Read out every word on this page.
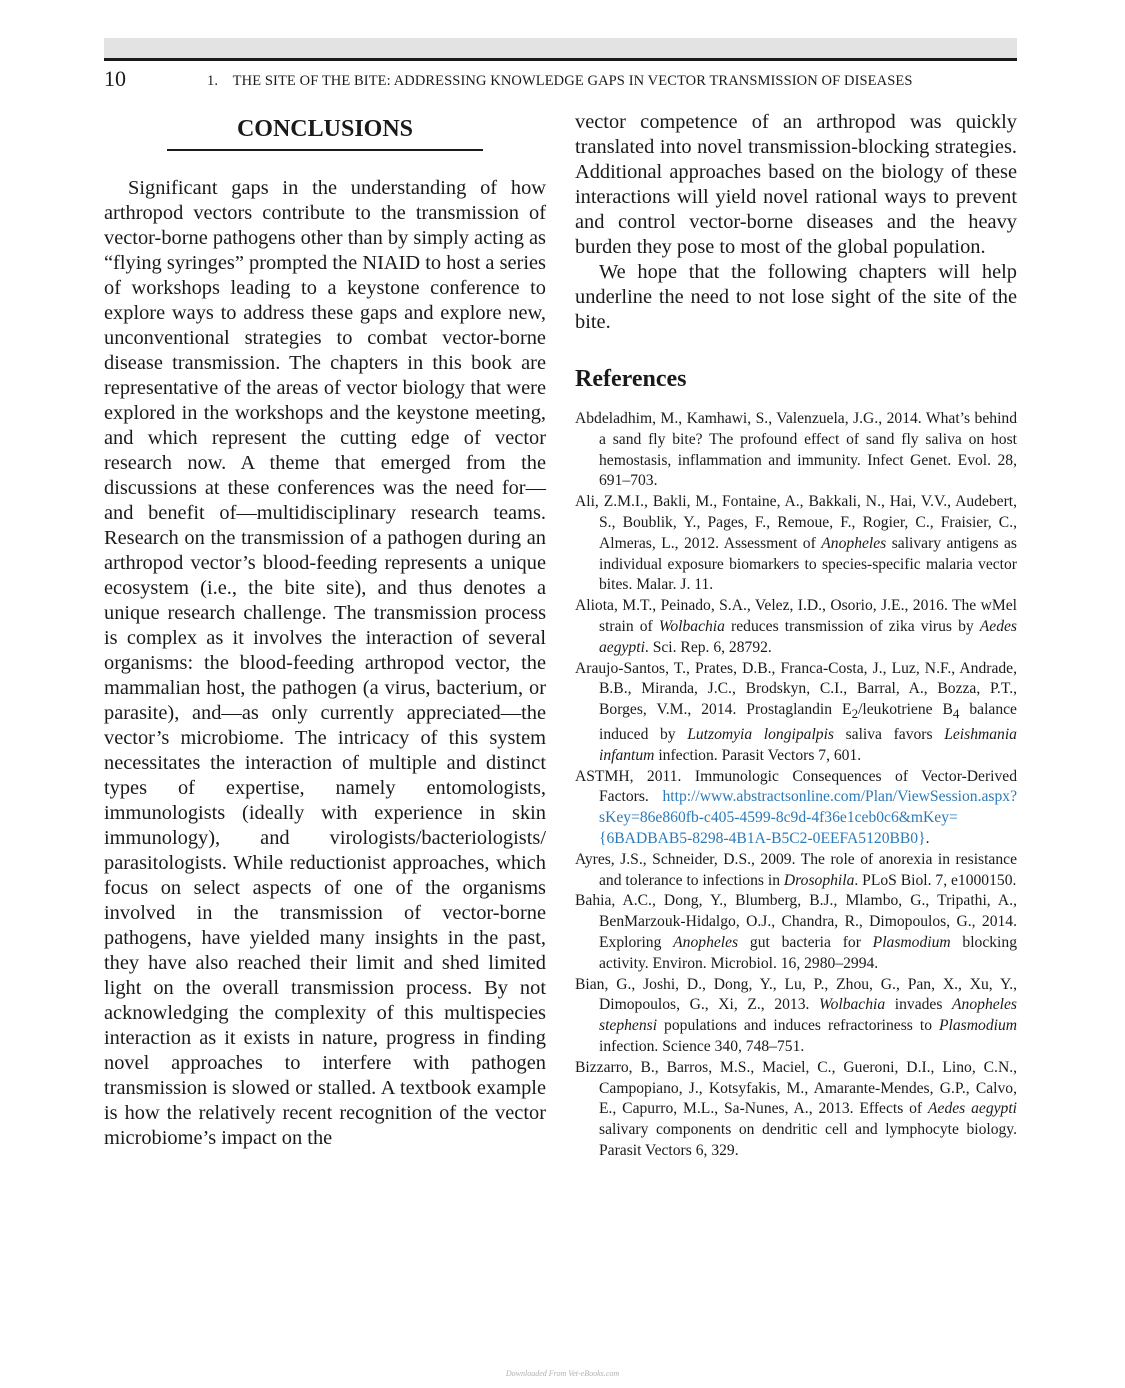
10	1. THE SITE OF THE BITE: ADDRESSING KNOWLEDGE GAPS IN VECTOR TRANSMISSION OF DISEASES
CONCLUSIONS

Significant gaps in the understanding of how arthropod vectors contribute to the transmission of vector-borne pathogens other than by simply acting as “flying syringes” prompted the NIAID to host a series of workshops leading to a keystone conference to explore ways to address these gaps and explore new, unconventional strategies to combat vector-borne disease transmission. The chapters in this book are representative of the areas of vector biology that were explored in the workshops and the keystone meeting, and which represent the cutting edge of vector research now. A theme that emerged from the discussions at these conferences was the need for—and benefit of—multidisciplinary research teams. Research on the transmission of a pathogen during an arthropod vector’s blood-feeding represents a unique ecosystem (i.e., the bite site), and thus denotes a unique research challenge. The transmission process is complex as it involves the interaction of several organisms: the blood-feeding arthropod vector, the mammalian host, the pathogen (a virus, bacterium, or parasite), and—as only currently appreciated—the vector’s microbiome. The intricacy of this system necessitates the interaction of multiple and distinct types of expertise, namely entomologists, immunologists (ideally with experience in skin immunology), and virologists/bacteriologists/ parasitologists. While reductionist approaches, which focus on select aspects of one of the organisms involved in the transmission of vector-borne pathogens, have yielded many insights in the past, they have also reached their limit and shed limited light on the overall transmission process. By not acknowledging the complexity of this multispecies interaction as it exists in nature, progress in finding novel approaches to interfere with pathogen transmission is slowed or stalled. A textbook example is how the relatively recent recognition of the vector microbiome’s impact on the

vector competence of an arthropod was quickly translated into novel transmission-blocking strategies. Additional approaches based on the biology of these interactions will yield novel rational ways to prevent and control vector-borne diseases and the heavy burden they pose to most of the global population.

We hope that the following chapters will help underline the need to not lose sight of the site of the bite.

References
Abdeladhim, M., Kamhawi, S., Valenzuela, J.G., 2014. What’s behind a sand fly bite? The profound effect of sand fly saliva on host hemostasis, inflammation and immunity. Infect Genet. Evol. 28, 691–703.
Ali, Z.M.I., Bakli, M., Fontaine, A., Bakkali, N., Hai, V.V., Audebert, S., Boublik, Y., Pages, F., Remoue, F., Rogier, C., Fraisier, C., Almeras, L., 2012. Assessment of Anopheles salivary antigens as individual exposure biomarkers to species-specific malaria vector bites. Malar. J. 11.
Aliota, M.T., Peinado, S.A., Velez, I.D., Osorio, J.E., 2016. The wMel strain of Wolbachia reduces transmission of zika virus by Aedes aegypti. Sci. Rep. 6, 28792.
Araujo-Santos, T., Prates, D.B., Franca-Costa, J., Luz, N.F., Andrade, B.B., Miranda, J.C., Brodskyn, C.I., Barral, A., Bozza, P.T., Borges, V.M., 2014. Prostaglandin $E_2$/leukotriene $B_4$ balance induced by Lutzomyia longipalpis saliva favors Leishmania infantum infection. Parasit Vectors 7, 601.
ASTMH, 2011. Immunologic Consequences of Vector-Derived Factors. http://www.abstractsonline.com/Plan/ViewSession.aspx?sKey=86e860fb-c405-4599-8c9d-4f36e1ceb0c6&mKey={6BADBAB5-8298-4B1A-B5C2-0EEFA5120BB0}.
Ayres, J.S., Schneider, D.S., 2009. The role of anorexia in resistance and tolerance to infections in Drosophila. PLoS Biol. 7, e1000150.
Bahia, A.C., Dong, Y., Blumberg, B.J., Mlambo, G., Tripathi, A., BenMarzouk-Hidalgo, O.J., Chandra, R., Dimopoulos, G., 2014. Exploring Anopheles gut bacteria for Plasmodium blocking activity. Environ. Microbiol. 16, 2980–2994.
Bian, G., Joshi, D., Dong, Y., Lu, P., Zhou, G., Pan, X., Xu, Y., Dimopoulos, G., Xi, Z., 2013. Wolbachia invades Anopheles stephensi populations and induces refractoriness to Plasmodium infection. Science 340, 748–751.
Bizzarro, B., Barros, M.S., Maciel, C., Gueroni, D.I., Lino, C.N., Campopiano, J., Kotsyfakis, M., Amarante-Mendes, G.P., Calvo, E., Capurro, M.L., Sa-Nunes, A., 2013. Effects of Aedes aegypti salivary components on dendritic cell and lymphocyte biology. Parasit Vectors 6, 329.
Downloaded From Vet-eBooks.com
